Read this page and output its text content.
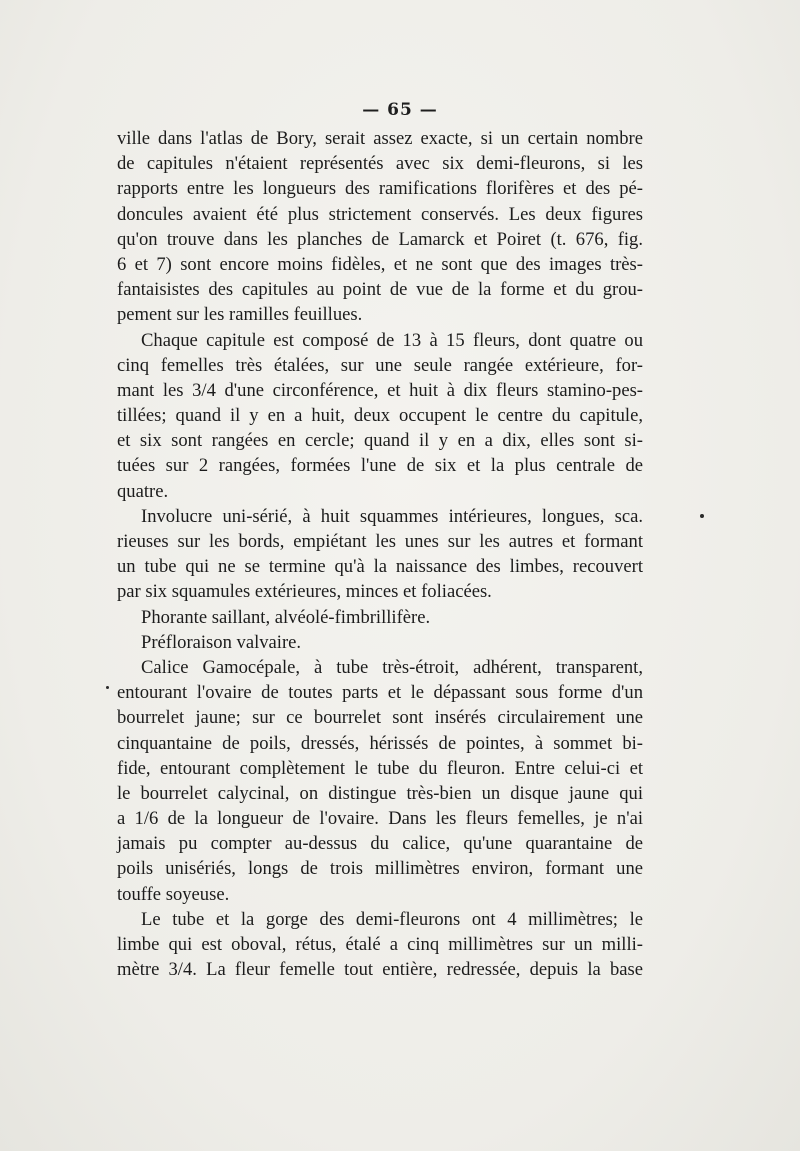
— 65 —
ville dans l'atlas de Bory, serait assez exacte, si un certain nombre
de capitules n'étaient représentés avec six demi-fleurons, si les
rapports entre les longueurs des ramifications florifères et des pé-
doncules avaient été plus strictement conservés. Les deux figures
qu'on trouve dans les planches de Lamarck et Poiret (t. 676, fig.
6 et 7) sont encore moins fidèles, et ne sont que des images très-
fantaisistes des capitules au point de vue de la forme et du grou-
pement sur les ramilles feuillues.
Chaque capitule est composé de 13 à 15 fleurs, dont quatre ou
cinq femelles très étalées, sur une seule rangée extérieure, for-
mant les 3/4 d'une circonférence, et huit à dix fleurs stamino-pes-
tillées; quand il y en a huit, deux occupent le centre du capitule,
et six sont rangées en cercle; quand il y en a dix, elles sont si-
tuées sur 2 rangées, formées l'une de six et la plus centrale de
quatre.
Involucre uni-sérié, à huit squammes intérieures, longues, sca.
rieuses sur les bords, empiétant les unes sur les autres et formant
un tube qui ne se termine qu'à la naissance des limbes, recouvert
par six squamules extérieures, minces et foliacées.
Phorante saillant, alvéolé-fimbrillifère.
Préfloraison valvaire.
Calice Gamocépale, à tube très-étroit, adhérent, transparent,
entourant l'ovaire de toutes parts et le dépassant sous forme d'un
bourrelet jaune; sur ce bourrelet sont insérés circulairement une
cinquantaine de poils, dressés, hérissés de pointes, à sommet bi-
fide, entourant complètement le tube du fleuron. Entre celui-ci et
le bourrelet calycinal, on distingue très-bien un disque jaune qui
a 1/6 de la longueur de l'ovaire. Dans les fleurs femelles, je n'ai
jamais pu compter au-dessus du calice, qu'une quarantaine de
poils unisériés, longs de trois millimètres environ, formant une
touffe soyeuse.
Le tube et la gorge des demi-fleurons ont 4 millimètres; le
limbe qui est oboval, rétus, étalé a cinq millimètres sur un milli-
mètre 3/4. La fleur femelle tout entière, redressée, depuis la base
